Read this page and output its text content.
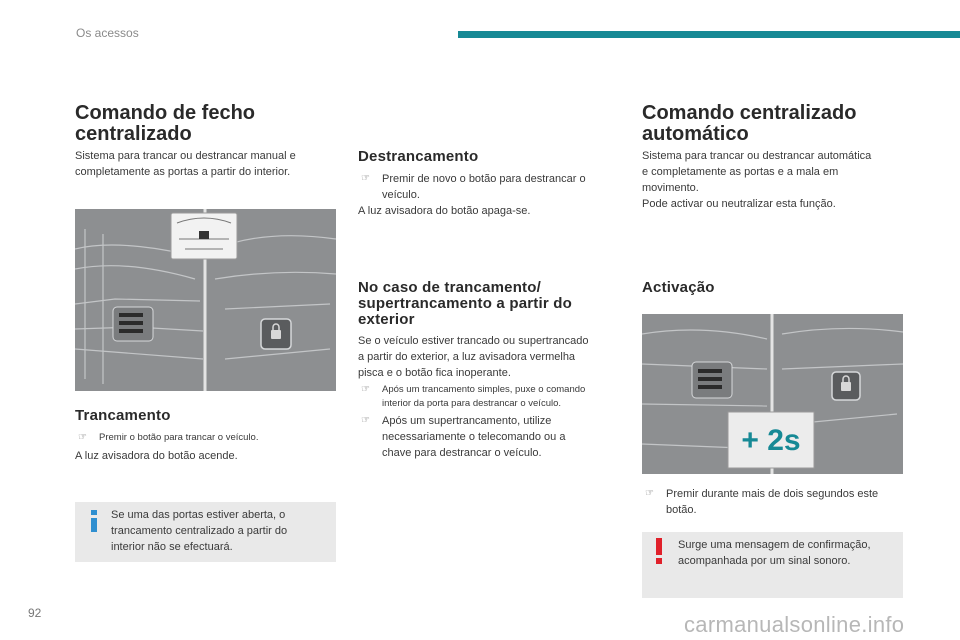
Os acessos
Comando de fecho
centralizado

Sistema para trancar ou destrancar manual e

completamente as portas a partir do interior.

Trancamento
☞ Premir o botão para trancar o veículo.

A luz avisadora do botão acende.

Se uma das portas estiver aberta, o

trancamento centralizado a partir do

interior não se efectuará.

Destrancamento
☞ Premir de novo o botão para destrancar o

veículo.

A luz avisadora do botão apaga-se.

No caso de trancamento/
supertrancamento a partir do
exterior

Se o veículo estiver trancado ou supertrancado

a partir do exterior, a luz avisadora vermelha

pisca e o botão fica inoperante.

☞ Após um trancamento simples, puxe o comando

interior da porta para destrancar o veículo.

☞ Após um supertrancamento, utilize

necessariamente o telecomando ou a

chave para destrancar o veículo.

Comando centralizado
automático

Sistema para trancar ou destrancar automática

e completamente as portas e a mala em

movimento.

Pode activar ou neutralizar esta função.

Activação
+ 2s
☞ Premir durante mais de dois segundos este

botão.

Surge uma mensagem de confirmação,

acompanhada por um sinal sonoro.

92	carmanualsonline.info
